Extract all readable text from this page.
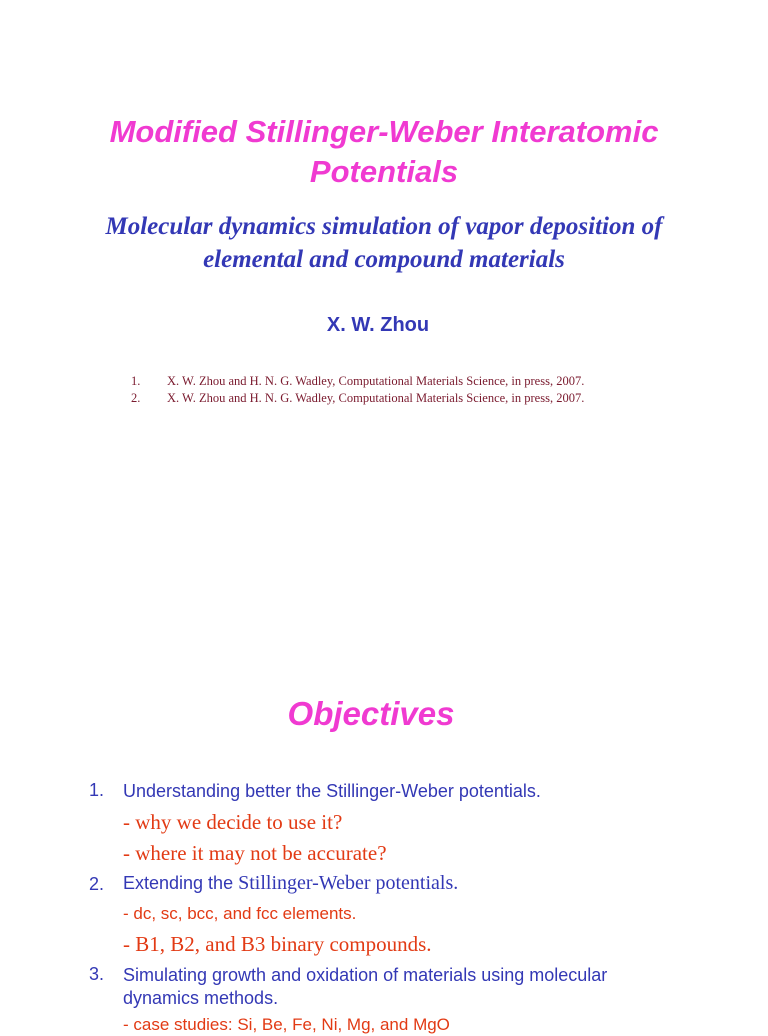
Modified Stillinger-Weber Interatomic
Potentials
Molecular dynamics simulation of vapor deposition of
elemental and compound materials
X. W. Zhou
1. X. W. Zhou and H. N. G. Wadley, Computational Materials Science, in press, 2007.
2. X. W. Zhou and H. N. G. Wadley, Computational Materials Science, in press, 2007.
Objectives
1. Understanding better the Stillinger-Weber potentials.
- why we decide to use it?
- where it may not be accurate?
2. Extending the Stillinger-Weber potentials.
- dc, sc, bcc, and fcc elements.
- B1, B2, and B3 binary compounds.
3. Simulating growth and oxidation of materials using molecular
dynamics methods.
- case studies: Si, Be, Fe, Ni, Mg, and MgO
